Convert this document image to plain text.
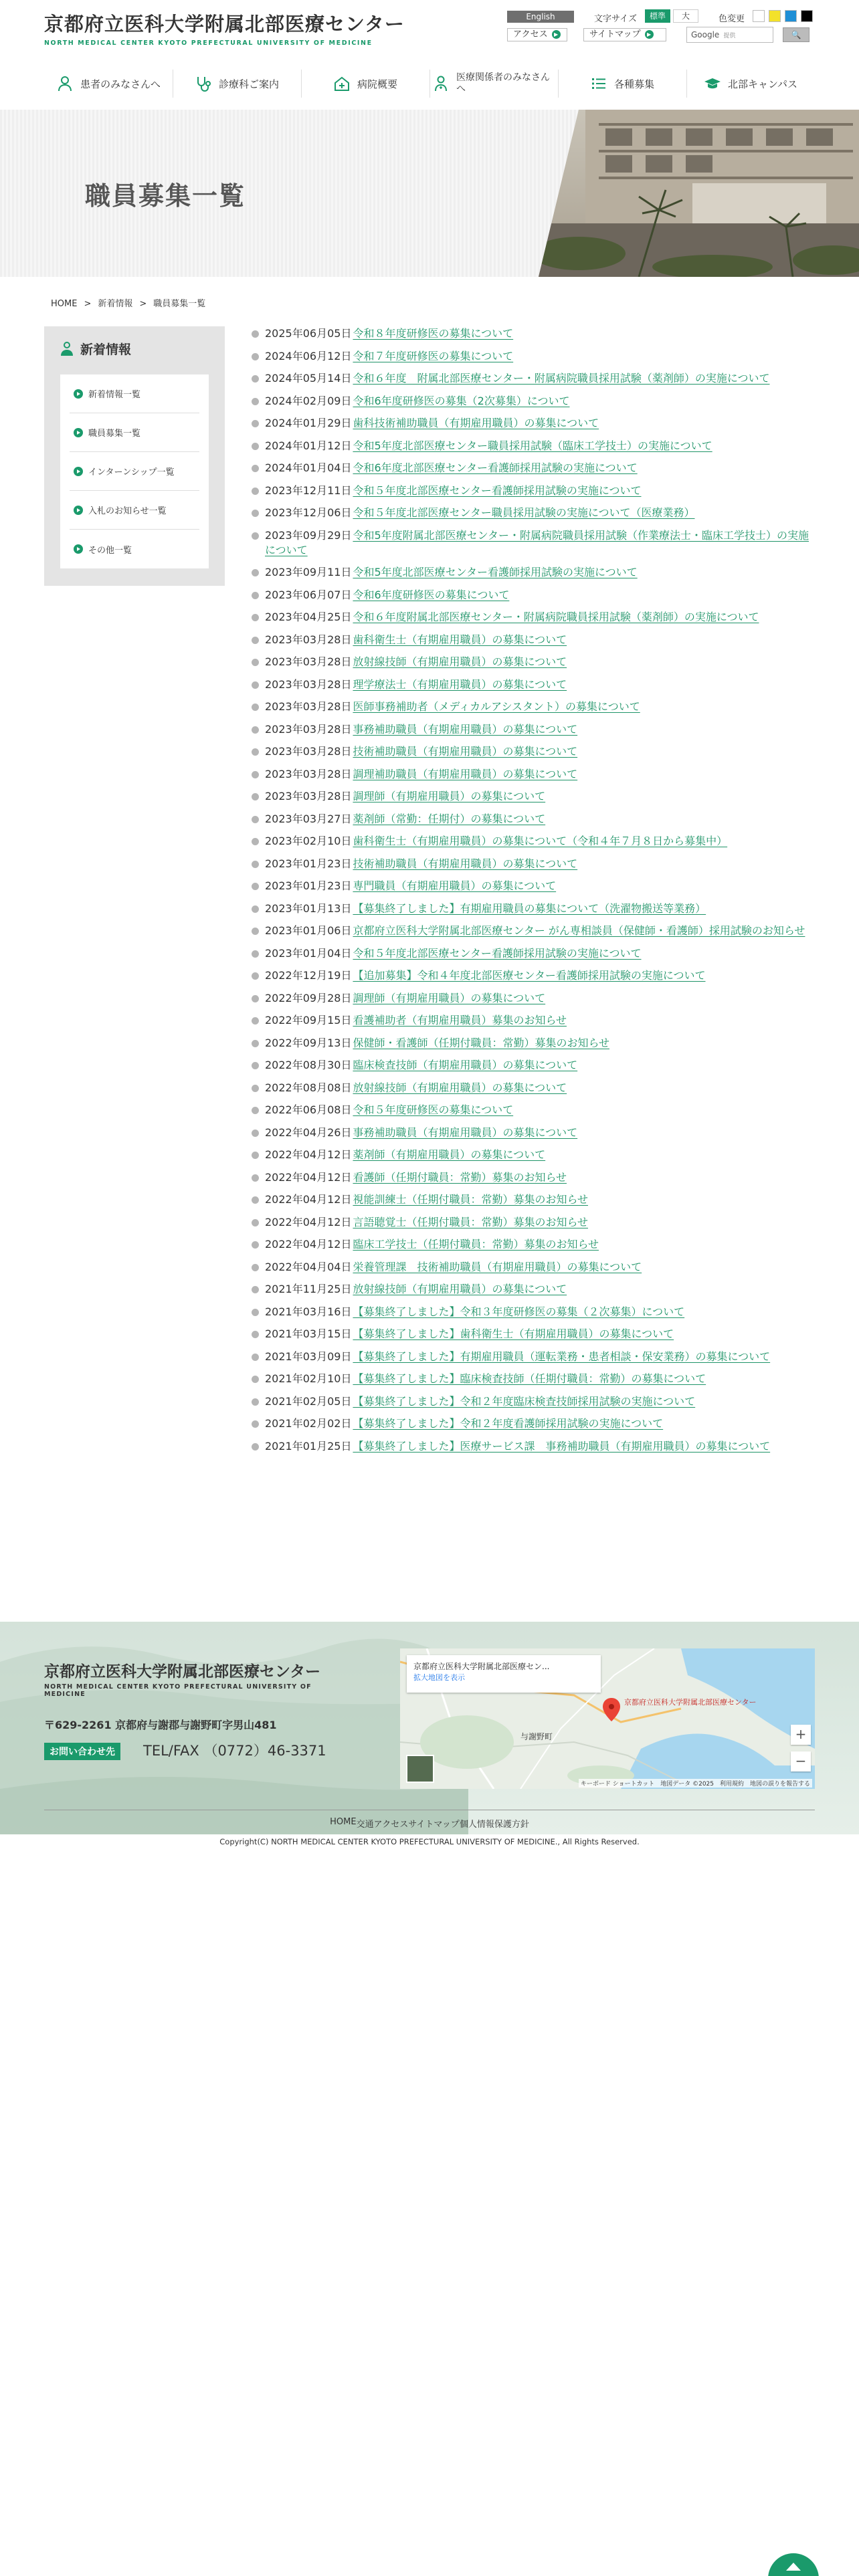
京都府立医科大学附属北部医療センター
NORTH MEDICAL CENTER KYOTO PREFECTURAL UNIVERSITY OF MEDICINE
English	文字サイズ	標準	大	色変更
アクセス ▶	サイトマップ ▶	Google 提供	🔍
患者のみなさんへ	診療科ご案内	病院概要
医療関係者のみなさんへ	各種募集	北部キャンパス
職員募集一覧
HOME > 新着情報 > 職員募集一覧
新着情報
新着情報一覧
職員募集一覧
インターンシップ一覧
入札のお知らせ一覧
その他一覧
2025年06月05日 令和８年度研修医の募集について
2024年06月12日 令和７年度研修医の募集について
2024年05月14日 令和６年度　附属北部医療センター・附属病院職員採用試験（薬剤師）の実施について
2024年02月09日 令和6年度研修医の募集（2次募集）について
2024年01月29日 歯科技術補助職員（有期雇用職員）の募集について
2024年01月12日 令和5年度北部医療センター職員採用試験（臨床工学技士）の実施について
2024年01月04日 令和6年度北部医療センター看護師採用試験の実施について
2023年12月11日 令和５年度北部医療センター看護師採用試験の実施について
2023年12月06日 令和５年度北部医療センター職員採用試験の実施について（医療業務）
2023年09月29日 令和5年度附属北部医療センター・附属病院職員採用試験（作業療法士・臨床工学技士）の実施について
2023年09月11日 令和5年度北部医療センター看護師採用試験の実施について
2023年06月07日 令和6年度研修医の募集について
2023年04月25日 令和６年度附属北部医療センター・附属病院職員採用試験（薬剤師）の実施について
2023年03月28日 歯科衛生士（有期雇用職員）の募集について
2023年03月28日 放射線技師（有期雇用職員）の募集について
2023年03月28日 理学療法士（有期雇用職員）の募集について
2023年03月28日 医師事務補助者（メディカルアシスタント）の募集について
2023年03月28日 事務補助職員（有期雇用職員）の募集について
2023年03月28日 技術補助職員（有期雇用職員）の募集について
2023年03月28日 調理補助職員（有期雇用職員）の募集について
2023年03月28日 調理師（有期雇用職員）の募集について
2023年03月27日 薬剤師（常勤：任期付）の募集について
2023年02月10日 歯科衛生士（有期雇用職員）の募集について（令和４年７月８日から募集中）
2023年01月23日 技術補助職員（有期雇用職員）の募集について
2023年01月23日 専門職員（有期雇用職員）の募集について
2023年01月13日 【募集終了しました】有期雇用職員の募集について（洗濯物搬送等業務）
2023年01月06日 京都府立医科大学附属北部医療センター がん専相談員（保健師・看護師）採用試験のお知らせ
2023年01月04日 令和５年度北部医療センター看護師採用試験の実施について
2022年12月19日 【追加募集】令和４年度北部医療センター看護師採用試験の実施について
2022年09月28日 調理師（有期雇用職員）の募集について
2022年09月15日 看護補助者（有期雇用職員）募集のお知らせ
2022年09月13日 保健師・看護師（任期付職員：常勤）募集のお知らせ
2022年08月30日 臨床検査技師（有期雇用職員）の募集について
2022年08月08日 放射線技師（有期雇用職員）の募集について
2022年06月08日 令和５年度研修医の募集について
2022年04月26日 事務補助職員（有期雇用職員）の募集について
2022年04月12日 薬剤師（有期雇用職員）の募集について
2022年04月12日 看護師（任期付職員：常勤）募集のお知らせ
2022年04月12日 視能訓練士（任期付職員：常勤）募集のお知らせ
2022年04月12日 言語聴覚士（任期付職員：常勤）募集のお知らせ
2022年04月12日 臨床工学技士（任期付職員：常勤）募集のお知らせ
2022年04月04日 栄養管理課　技術補助職員（有期雇用職員）の募集について
2021年11月25日 放射線技師（有期雇用職員）の募集について
2021年03月16日 【募集終了しました】令和３年度研修医の募集（２次募集）について
2021年03月15日 【募集終了しました】歯科衛生士（有期雇用職員）の募集について
2021年03月09日 【募集終了しました】有期雇用職員（運転業務・患者相談・保安業務）の募集について
2021年02月10日 【募集終了しました】臨床検査技師（任期付職員：常勤）の募集について
2021年02月05日 【募集終了しました】令和２年度臨床検査技師採用試験の実施について
2021年02月02日 【募集終了しました】令和２年度看護師採用試験の実施について
2021年01月25日 【募集終了しました】医療サービス課　事務補助職員（有期雇用職員）の募集について
京都府立医科大学附属北部医療センター
NORTH MEDICAL CENTER KYOTO PREFECTURAL UNIVERSITY OF MEDICINE
〒629-2261 京都府与謝郡与謝野町字男山481
お問い合わせ先	TEL/FAX （0772）46-3371
京都府立医科大学附属北部医療センター
与謝野町
京都府立医科大学附属北部医療セン...
拡大地図を表示
+
−
キーボード ショートカット　地図データ ©2025　利用規約　地図の誤りを報告する
HOME 交通アクセス サイトマップ 個人情報保護方針
Copyright(C) NORTH MEDICAL CENTER KYOTO PREFECTURAL UNIVERSITY OF MEDICINE., All Rights Reserved.
